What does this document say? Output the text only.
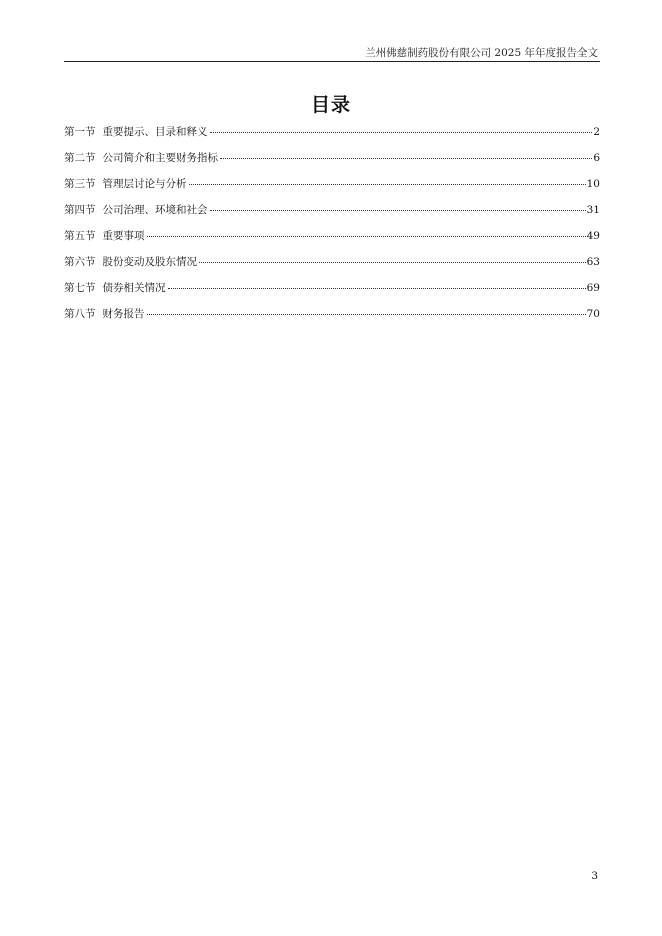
兰州佛慈制药股份有限公司 2025 年年度报告全文
目录
第一节 重要提示、目录和释义	2
第二节 公司简介和主要财务指标	6
第三节 管理层讨论与分析	10
第四节 公司治理、环境和社会	31
第五节 重要事项	49
第六节 股份变动及股东情况	63
第七节 债券相关情况	69
第八节 财务报告	70
3
